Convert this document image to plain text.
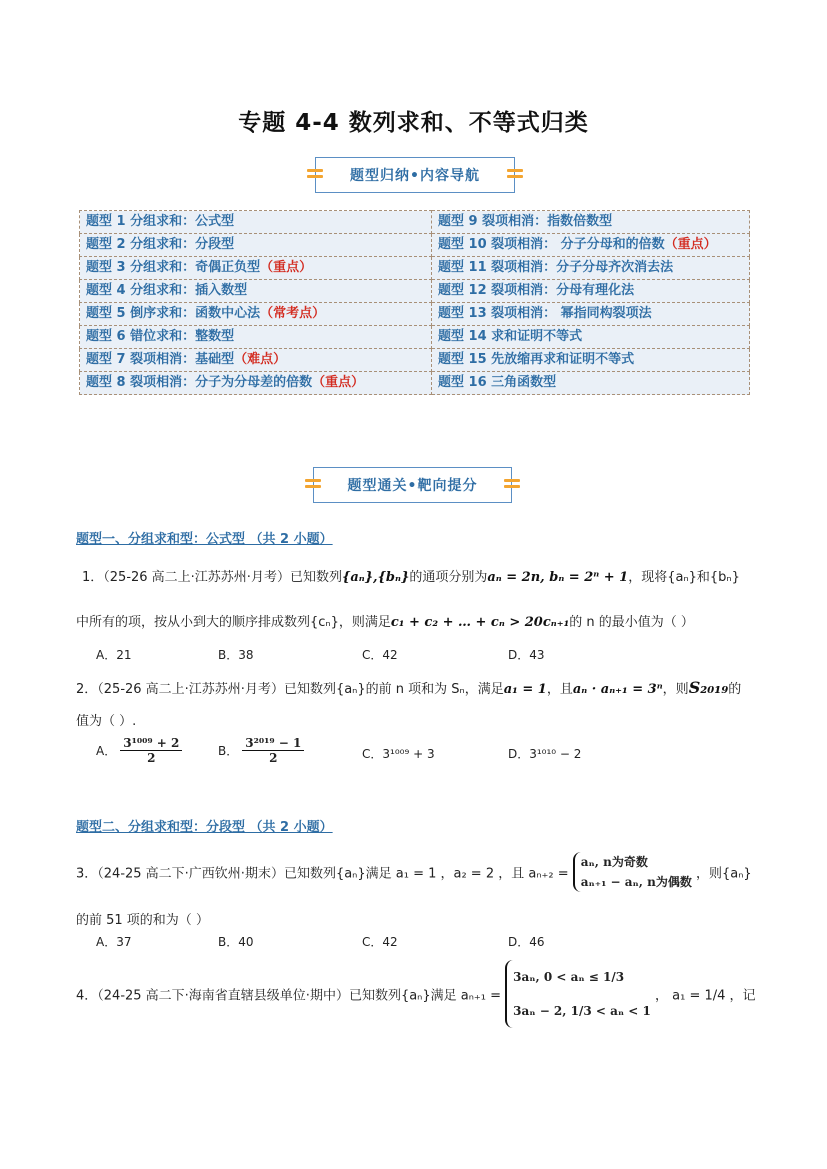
专题 4-4 数列求和、不等式归类
题型归纳•内容导航
题型 1 分组求和：公式型	题型 9 裂项相消：指数倍数型
题型 2 分组求和：分段型	题型 10 裂项相消： 分子分母和的倍数（重点）
题型 3 分组求和：奇偶正负型（重点）	题型 11 裂项相消：分子分母齐次消去法
题型 4 分组求和：插入数型	题型 12 裂项相消：分母有理化法
题型 5 倒序求和：函数中心法（常考点）	题型 13 裂项相消： 幂指同构裂项法
题型 6 错位求和：整数型	题型 14 求和证明不等式
题型 7 裂项相消：基础型（难点）	题型 15 先放缩再求和证明不等式
题型 8 裂项相消：分子为分母差的倍数（重点）	题型 16 三角函数型
题型通关•靶向提分
题型一、分组求和型：公式型 （共 2 小题）
1．（25-26 高二上·江苏苏州·月考）已知数列{aₙ},{bₙ}的通项分别为aₙ = 2n, bₙ = 2ⁿ + 1，现将{aₙ}和{bₙ}
中所有的项，按从小到大的顺序排成数列{cₙ}，则满足c₁ + c₂ + … + cₙ > 20cₙ₊₁的 n 的最小值为（ ）
A．21	B．38	C．42	D．43
2．（25-26 高二上·江苏苏州·月考）已知数列{aₙ}的前 n 项和为 Sₙ，满足a₁ = 1，且aₙ · aₙ₊₁ = 3ⁿ，则S₂₀₁₉的
值为（ ）.
A． $\frac{\text{3¹⁰⁰⁹ + 2}}{2}$	B． $\frac{\text{3²⁰¹⁹ − 1}}{2}$	C．3¹⁰⁰⁹ + 3	D．3¹⁰¹⁰ − 2
题型二、分组求和型：分段型 （共 2 小题）
3．（24-25 高二下·广西钦州·期末）已知数列{aₙ}满足 a₁ = 1 ，a₂ = 2 ，且 aₙ₊₂ =
aₙ, n为奇数
aₙ₊₁ − aₙ, n为偶数
，则{aₙ}
的前 51 项的和为（ ）
A．37	B．40	C．42	D．46
4．（24-25 高二下·海南省直辖县级单位·期中）已知数列{aₙ}满足 aₙ₊₁ =
3aₙ, 0 < aₙ ≤ 1/3
3aₙ − 2, 1/3 < aₙ < 1
， a₁ = 1/4 ，记
